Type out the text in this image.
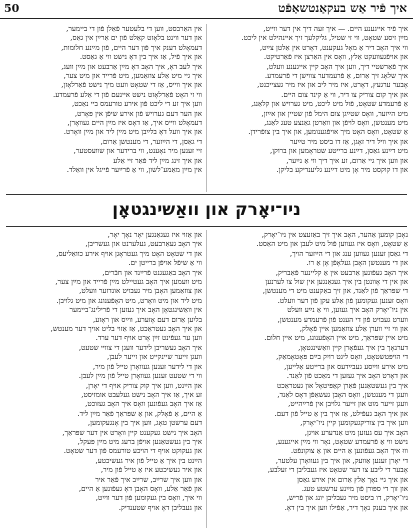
50	איך פֿיר אַש בעקאַנטשאַפֿט
איך פֿיר אייגענע היים. — איך זעה דיך אין דער ווייט,
מײַן זיסע שטאָט, ווי זי שטיל, גליקלעך זיך איינהילט אין ליכט.
ווי איך האָב דיר אַ מאָל געקענט, דאָרט אין אַלטן צײַט,
און אויפֿגעוועקט אַלץ, וואָס אין האַרצן איז פֿאַרטיקט.
איך פֿאַרשטיי דיך, ווען איך האָב קיין אייגענע וועלט,
איך שלאָג זיך אַרום, אַ פֿרעמדער צווישן די פֿרעמדע.
אָבער ערגעץ, דאָרט, איז מיר ליב און איז מיר געצייכנט,
און איך קום צוריק צו דיר, ווי אַ קינד צום היים.
אַ פֿרעמדע שטאָט, פֿול מיט ליכט, מיט גערויש און קלאַנג,
מיט הײַזער, וואָס שטײַגן צום הימל פֿון שטיין און אײַזן,
מיט מענטשן, וואָס לויפֿן און וואַרטן גאַנצע טעג לאַנג,
אַ שטאָט, וואָס האָט מיך אויפֿגענומען, און איך בין צופֿרידן.
און איך וויל דיר זאָגן, אַז דו ביסט מיר טײַער
מיט דײַנע גאַסן, דײַנע ברייטע שטראָמען און ברוקן,
און ווען איך גיי אַרום, זע איך דיך ווי אַ נײַער,
און דו קוקסט מיר אָן מיט דײַנע גליענדיקע בליקן.
אין האַרבסט, ווען די בלעטער פֿאַלן פֿון די ביימער,
און דער ווינט בלאָזט קאַלט פֿון ים אַרײַן אין גאַס,
דעמאָלט דענק איך פֿון דער היים, פֿון מײַנע חלומות,
און איך פֿיל, אַז איך בין דאָ נישט ווי אַ גאַסט.
איך לעב דאָ, איך האָב דאָ מײַן אַרבעט און מײַן וועג,
איך גיי מיט אַלע צוזאַמען, מיט פֿרייד און מיט צער,
און איך ווייס, אַז די שטאָט וועט מיך נישט פֿאַרלאָזן,
ווי זי האָט פֿאַרלאָזט נישט איינעם פֿון די אַלע פֿרעמדע.
ווען איך זע די ליכט פֿון אירע טורעמס ביי נאַכט,
און הער דעם גערויש פֿון אירע שיפֿן אין פּאָרט,
דעמאָלט ווייס איך, אַז דאָס איז מײַן היים געוואָרן,
און איך וועל דאָ בלײַבן מיט מײַן ליד און מײַן וואָרט.
די גאַסן, די הײַזער, די מענטשן אַרום,
זיי זענען מיר נאָענט, ווי ברידער און שוועסטער,
און איך זינג מײַן ליד פֿאַר זיי אַלע
אין מײַן מאַמע־לשון, ווי אַ פֿרײַער פֿייגל אין וואַלד.
ניו־יאָרק און וואַשינגטאָן
נאָכן קומען אַהער, האָב איך זיך באַזעצט אין ניו־יאָרק,
אַ שטאָט, וואָס איז געווען פֿול מיט לעבן און מיט האַסט.
די גאַסן זענען געווען ענג און די הײַזער הויך,
און די מענטשן האָבן געלאָפֿן אָן אַ רו.
איך האָב געפֿונען אַרבעט אין אַ קליינער פֿאַבריק,
און אין די אָוונטן בין איך געגאַנגען אין שול צו לערנען
די שפּראַך פֿון לאַנד, און זיך באַקענט מיט די מענטשן,
וואָס זענען געקומען פֿון אַלע עקן פֿון דער וועלט.
אין ניו־יאָרק האָב איך געזען, ווי אַ נײַע וועלט
ווערט געבויט פֿון די הענט פֿון פֿרעמדע מענטשן,
און ווי זיי ווערן אַלע צוזאַמען איין פֿאָלק,
מיט איין שפּראַך, מיט איין האָפֿענונג, מיט איין חלום.
דערנאָך בין איך געפֿאָרן קיין וואַשינגטאָן,
די הויפּטשטאָט, וואָס ליגט רויִק בײַם פּאָטאָמאַק,
מיט אירע ווײַסע געבײַדעס און ברייטע אַלייען,
און דאָרט האָב איך געזען די מאַכט פֿון לאַנד.
איך בין געשטאַנען פֿאַרן קאַפּיטאָל און געטראַכט
וועגן די מענטשן, וואָס האָבן געשאַפֿן דאָס לאַנד,
וועגן זייער מוט און זייער גלויבן אין פֿרײַהייט,
און איך האָב געפֿילט, אַז איך בין אַ טייל פֿון דעם.
ווען איך בין צוריקגעקומען קיין ניו־יאָרק,
האָב איך עס געזען מיט אַנדערע אויגן,
נישט ווי אַ פֿרעמדע שטאָט, נאָר ווי מײַן אייגענע,
וווּ איך האָב געפֿונען אַ היים און אַ צוקונפֿט.
די יאָרן זענען אַוועק, און איך בין געוואָרן עלטער,
אָבער די ליבע צו דער שטאָט איז געבליבן די זעלבע,
און איך גיי נאָך אַלץ אַרום אין אירע גאַסן
און זוך די ספּורן פֿון מײַנע ערשטע טעג.
ניו־יאָרק, דו ביסט מיר געבליבן יונג און פֿריש,
און איך בענק נאָך דיר, אַפֿילו ווען איך בין דאָ.
און אַזוי איז געגאַנגען יאָר נאָך יאָר,
איך האָב געאַרבעט, געלערנט און געשריבן,
און די שטאָט האָט מיך געטראָגן אויף אירע כוואַליעס,
ווי אַ שיפֿל אויפֿן ברייטן ים.
איך האָב באַגעגנט פֿרײַנד און חבֿרים,
מיט וועמען איך האָב געטיילט מײַן פֿרייד און מײַן צער,
און צוזאַמען האָבן מיר געבויט אונדזער וועלט,
מיט ליד און מיט וואָרט, מיט האָפֿענונג און מיט גלויבן.
אין וואַשינגטאָן האָב איך געזען די פֿרילינג־ביימער
בליִען אַרום דעם אָזערע, ווײַס און ראָזע,
און איך האָב געטראַכט, אַז אַזוי בליט אויך דער מענטש,
ווען ער געפֿינט זײַן אָרט אויף דער ערד.
איך האָב געשריבן לידער וועגן די צוויי שטעט,
וועגן זייער שיינקייט און זייער לעבן,
און די לידער זענען געוואָרן טייל פֿון מיר,
ווי די שטעט זענען געוואָרן טייל פֿון מײַן לעבן.
און הײַנט, ווען איך קוק צוריק אויף די יאָרן,
זע איך, אַז איך האָב נישט געלעבט אומזיסט,
אַז איך האָב געפֿונען וואָס איך האָב געזוכט,
אַ היים, אַ פֿאָלק, און אַ שפּראַך פֿאַר מײַן ליד.
דעם ערשטן טאָג, ווען איך בין אָנגעקומען,
האָב איך נישט געקענט קיין וואָרט אין דער שפּראַך,
איך בין געשטאַנען אויפֿן ברעג מיט מײַן פּעקל,
און געקוקט אויף די הויכע טורעמס פֿון דער שטאָט.
הײַנט בין איך אַ טייל פֿון איר געשיכטע,
און איר געשיכטע איז אַ טייל פֿון מיר,
און ווען איך שרײַב, שרײַב איך פֿאַר איר
און פֿאַר אַלע, וואָס האָבן דאָ געפֿונען אַ היים,
ווי איך, וואָס בין געקומען פֿון דער ווײַט,
און געבליבן דאָ אויף שטענדיק.
